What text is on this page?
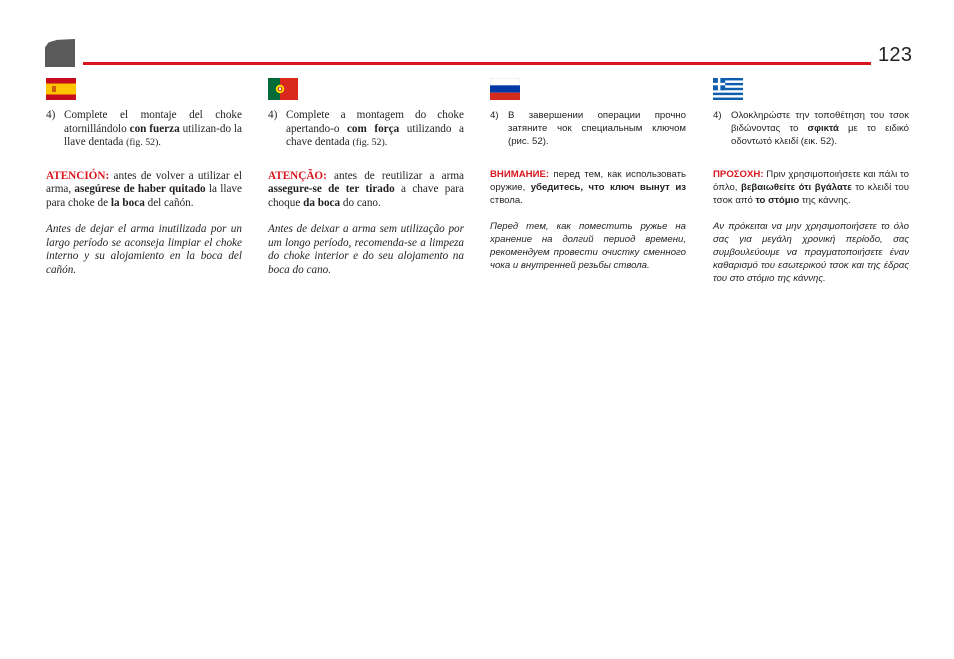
123

4) Complete el montaje del choke atornillándolo con fuerza utilizan-do la llave dentada (fig. 52).

ATENCIÓN: antes de volver a utilizar el arma, asegúrese de haber quitado la llave para choke de la boca del cañón.

Antes de dejar el arma inutilizada por un largo período se aconseja limpiar el choke interno y su alojamiento en la boca del cañón.

4) Complete a montagem do choke apertando-o com força utilizando a chave dentada (fig. 52).

ATENÇÃO: antes de reutilizar a arma assegure-se de ter tirado a chave para choque da boca do cano.

Antes de deixar a arma sem utilização por um longo período, recomenda-se a limpeza do choke interior e do seu alojamento na boca do cano.

4) В завершении операции прочно затяните чок специальным ключом (рис. 52).

ВНИМАНИЕ: перед тем, как использовать оружие, убедитесь, что ключ вынут из ствола.

Перед тем, как поместить ружье на хранение на долгий период времени, рекомендуем провести очистку сменного чока и внутренней резьбы ствола.

4) Ολοκληρώστε την τοποθέτηση του τσοκ βιδώνοντας το σφικτά με το ειδικό οδοντωτό κλειδί (εικ. 52).

ΠΡΟΣΟΧΗ: Πριν χρησιμοποιήσετε και πάλι το όπλο, βεβαιωθείτε ότι βγάλατε το κλειδί του τσοκ από το στόμιο της κάννης.

Αν πρόκειται να μην χρησιμοποιήσετε το όλο σας για μεγάλη χρονική περίοδο, σας συμβουλεύουμε να πραγματοποιήσετε έναν καθαρισμό του εσωτερικού τσοκ και της έδρας του στο στόμιο της κάννης.
